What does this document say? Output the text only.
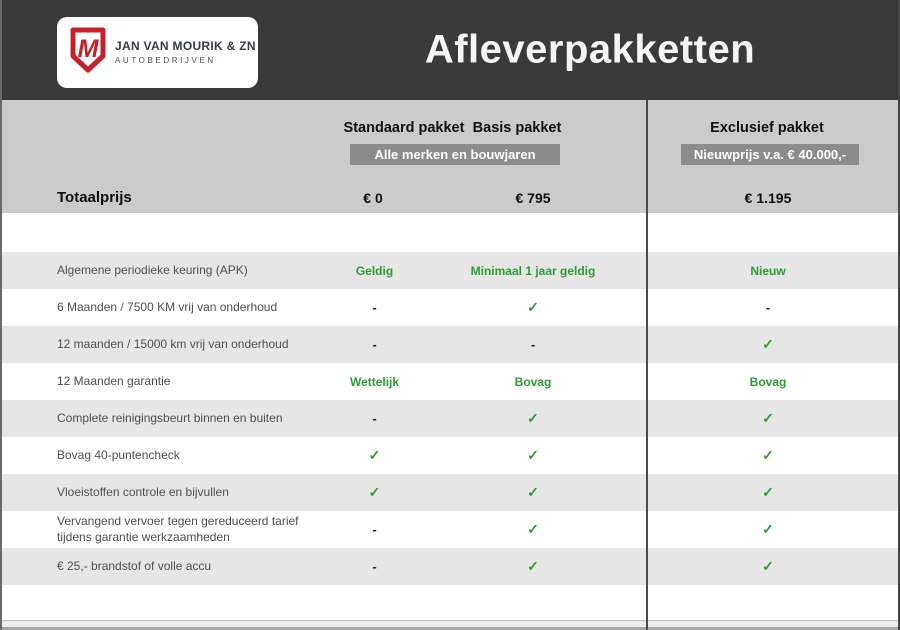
M JAN VAN MOURIK & ZN
AUTOBEDRIJVEN	Afleverpakketten
Standaard pakket Basis pakket	Exclusief pakket
Alle merken en bouwjaren	Nieuwprijs v.a. € 40.000,-
Totaalprijs	€ 0	€ 795	€ 1.195
Algemene periodieke keuring (APK)	Geldig	Minimaal 1 jaar geldig	Nieuw
6 Maanden / 7500 KM vrij van onderhoud	-	✓	-
12 maanden / 15000 km vrij van onderhoud	-	-	✓
12 Maanden garantie	Wettelijk	Bovag	Bovag
Complete reinigingsbeurt binnen en buiten	-	✓	✓
Bovag 40-puntencheck	✓	✓	✓
Vloeistoffen controle en bijvullen	✓	✓	✓
Vervangend vervoer tegen gereduceerd tarief tijdens garantie werkzaamheden	-	✓	✓
€ 25,- brandstof of volle accu	-	✓	✓
